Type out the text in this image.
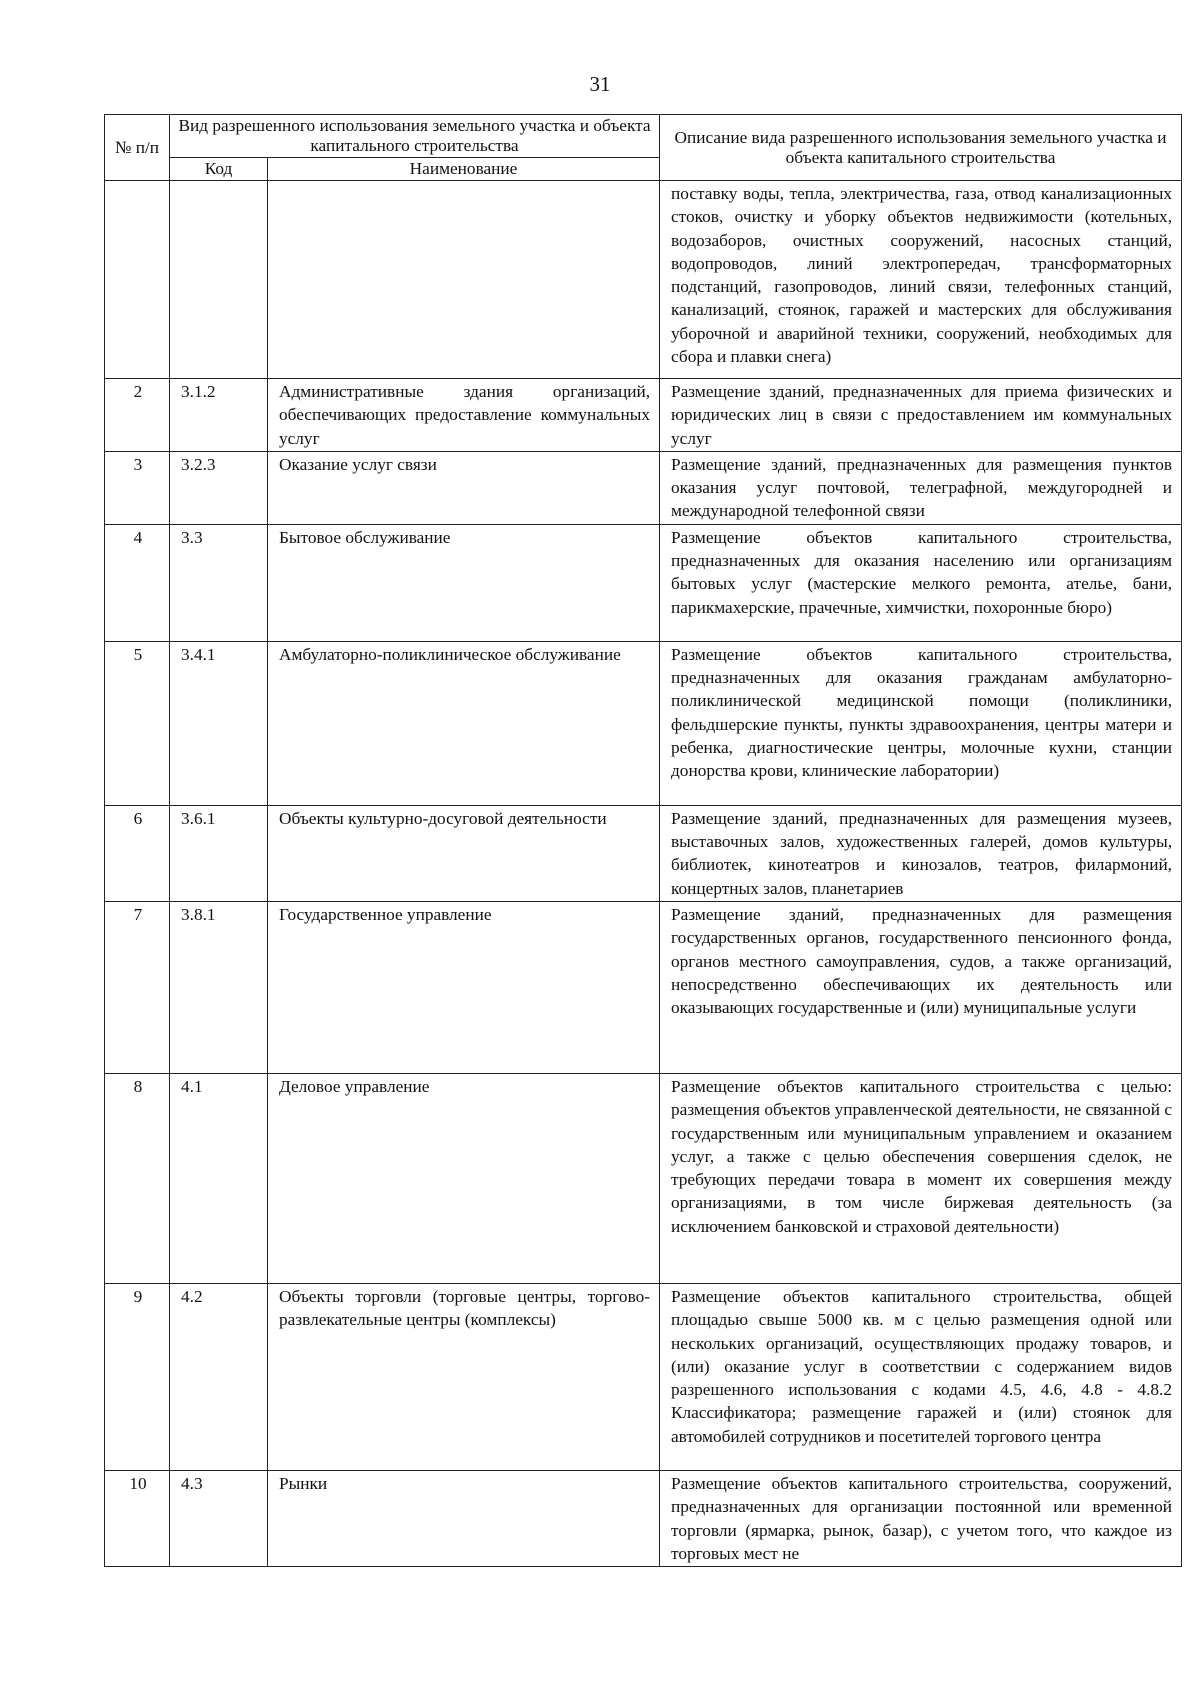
31
№ п/п	Вид разрешенного использования земельного участка и объекта капитального строительства		Описание вида разрешенного использования земельного участка и объекта капитального строительства
	Код	Наименование	
			поставку воды, тепла, электричества, газа, отвод канализационных стоков, очистку и уборку объектов недвижимости (котельных, водозаборов, очистных сооружений, насосных станций, водопроводов, линий электропередач, трансформаторных подстанций, газопроводов, линий связи, телефонных станций, канализаций, стоянок, гаражей и мастерских для обслуживания уборочной и аварийной техники, сооружений, необходимых для сбора и плавки снега)
2	3.1.2	Административные здания организаций, обеспечивающих предоставление коммунальных услуг	Размещение зданий, предназначенных для приема физических и юридических лиц в связи с предоставлением им коммунальных услуг
3	3.2.3	Оказание услуг связи	Размещение зданий, предназначенных для размещения пунктов оказания услуг почтовой, телеграфной, междугородней и международной телефонной связи
4	3.3	Бытовое обслуживание	Размещение объектов капитального строительства, предназначенных для оказания населению или организациям бытовых услуг (мастерские мелкого ремонта, ателье, бани, парикмахерские, прачечные, химчистки, похоронные бюро)
5	3.4.1	Амбулаторно-поликлиническое обслуживание	Размещение объектов капитального строительства, предназначенных для оказания гражданам амбулаторно-поликлинической медицинской помощи (поликлиники, фельдшерские пункты, пункты здравоохранения, центры матери и ребенка, диагностические центры, молочные кухни, станции донорства крови, клинические лаборатории)
6	3.6.1	Объекты культурно-досуговой деятельности	Размещение зданий, предназначенных для размещения музеев, выставочных залов, художественных галерей, домов культуры, библиотек, кинотеатров и кинозалов, театров, филармоний, концертных залов, планетариев
7	3.8.1	Государственное управление	Размещение зданий, предназначенных для размещения государственных органов, государственного пенсионного фонда, органов местного самоуправления, судов, а также организаций, непосредственно обеспечивающих их деятельность или оказывающих государственные и (или) муниципальные услуги
8	4.1	Деловое управление	Размещение объектов капитального строительства с целью: размещения объектов управленческой деятельности, не связанной с государственным или муниципальным управлением и оказанием услуг, а также с целью обеспечения совершения сделок, не требующих передачи товара в момент их совершения между организациями, в том числе биржевая деятельность (за исключением банковской и страховой деятельности)
9	4.2	Объекты торговли (торговые центры, торгово-развлекательные центры (комплексы)	Размещение объектов капитального строительства, общей площадью свыше 5000 кв. м с целью размещения одной или нескольких организаций, осуществляющих продажу товаров, и (или) оказание услуг в соответствии с содержанием видов разрешенного использования с кодами 4.5, 4.6, 4.8 - 4.8.2 Классификатора; размещение гаражей и (или) стоянок для автомобилей сотрудников и посетителей торгового центра
10	4.3	Рынки	Размещение объектов капитального строительства, сооружений, предназначенных для организации постоянной или временной торговли (ярмарка, рынок, базар), с учетом того, что каждое из торговых мест не
